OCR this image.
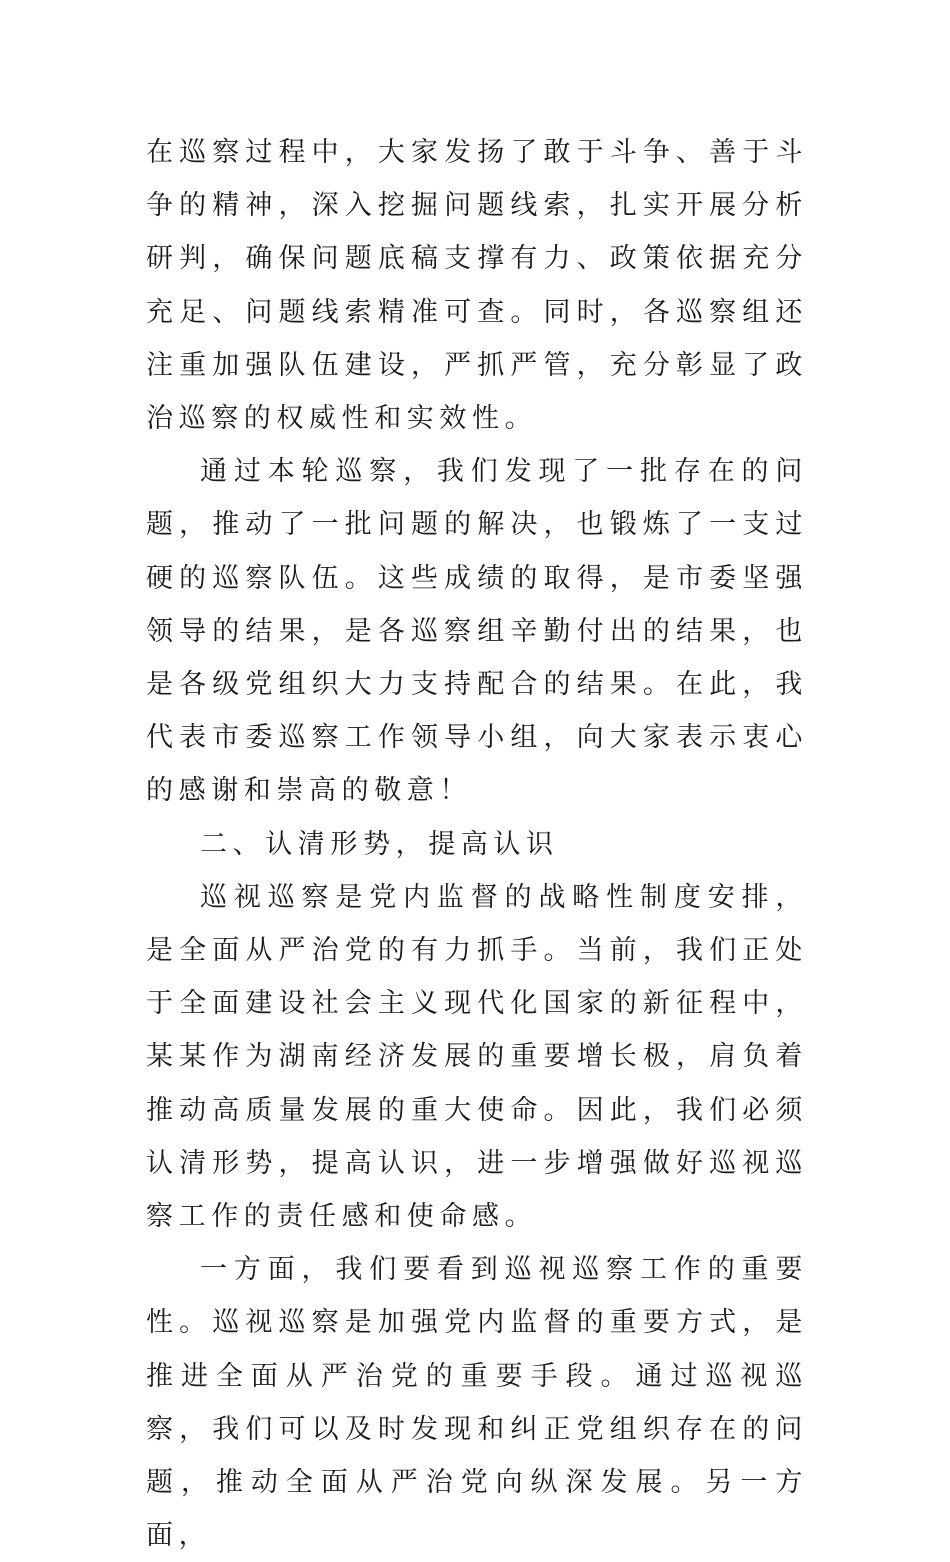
在巡察过程中，大家发扬了敢于斗争、善于斗争的精神，深入挖掘问题线索，扎实开展分析研判，确保问题底稿支撑有力、政策依据充分充足、问题线索精准可查。同时，各巡察组还注重加强队伍建设，严抓严管，充分彰显了政治巡察的权威性和实效性。

通过本轮巡察，我们发现了一批存在的问题，推动了一批问题的解决，也锻炼了一支过硬的巡察队伍。这些成绩的取得，是市委坚强领导的结果，是各巡察组辛勤付出的结果，也是各级党组织大力支持配合的结果。在此，我代表市委巡察工作领导小组，向大家表示衷心的感谢和崇高的敬意！

二、认清形势，提高认识

巡视巡察是党内监督的战略性制度安排，是全面从严治党的有力抓手。当前，我们正处于全面建设社会主义现代化国家的新征程中，某某作为湖南经济发展的重要增长极，肩负着推动高质量发展的重大使命。因此，我们必须认清形势，提高认识，进一步增强做好巡视巡察工作的责任感和使命感。

一方面，我们要看到巡视巡察工作的重要性。巡视巡察是加强党内监督的重要方式，是推进全面从严治党的重要手段。通过巡视巡察，我们可以及时发现和纠正党组织存在的问题，推动全面从严治党向纵深发展。另一方面，
